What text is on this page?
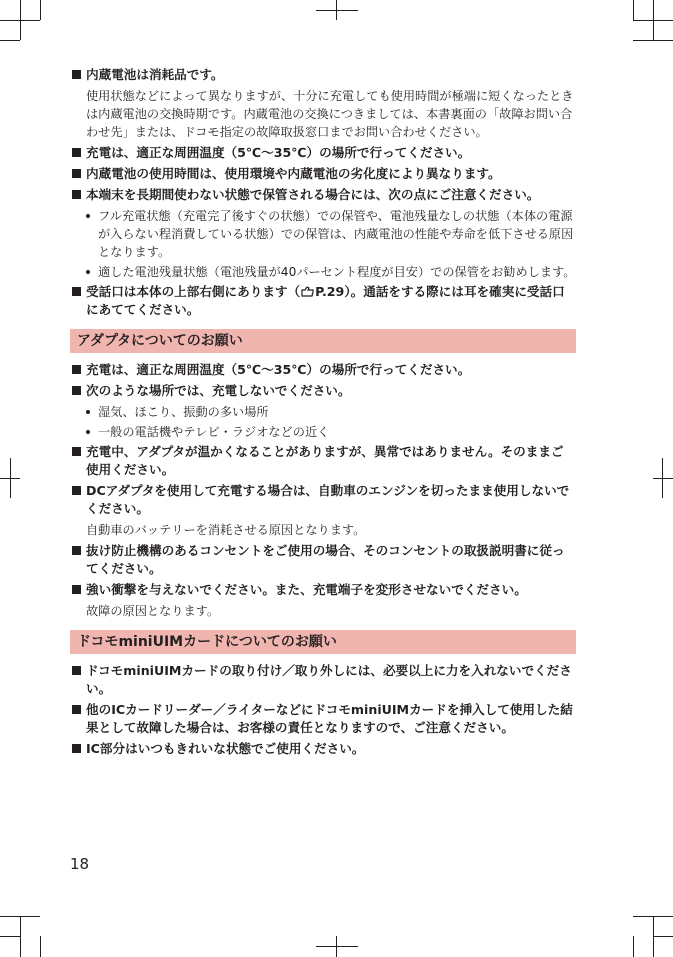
内蔵電池は消耗品です。
使用状態などによって異なりますが、十分に充電しても使用時間が極端に短くなったときは内蔵電池の交換時期です。内蔵電池の交換につきましては、本書裏面の「故障お問い合わせ先」または、ドコモ指定の故障取扱窓口までお問い合わせください。
充電は、適正な周囲温度（5℃～35℃）の場所で行ってください。
内蔵電池の使用時間は、使用環境や内蔵電池の劣化度により異なります。
本端末を長期間使わない状態で保管される場合には、次の点にご注意ください。
フル充電状態（充電完了後すぐの状態）での保管や、電池残量なしの状態（本体の電源が入らない程消費している状態）での保管は、内蔵電池の性能や寿命を低下させる原因となります。
適した電池残量状態（電池残量が40パーセント程度が目安）での保管をお勧めします。
受話口は本体の上部右側にあります（ P.29）。通話をする際には耳を確実に受話口にあててください。
アダプタについてのお願い
充電は、適正な周囲温度（5℃～35℃）の場所で行ってください。
次のような場所では、充電しないでください。
湿気、ほこり、振動の多い場所
一般の電話機やテレビ・ラジオなどの近く
充電中、アダプタが温かくなることがありますが、異常ではありません。そのままご使用ください。
DCアダプタを使用して充電する場合は、自動車のエンジンを切ったまま使用しないでください。
自動車のバッテリーを消耗させる原因となります。
抜け防止機構のあるコンセントをご使用の場合、そのコンセントの取扱説明書に従ってください。
強い衝撃を与えないでください。また、充電端子を変形させないでください。
故障の原因となります。
ドコモminiUIMカードについてのお願い
ドコモminiUIMカードの取り付け／取り外しには、必要以上に力を入れないでください。
他のICカードリーダー／ライターなどにドコモminiUIMカードを挿入して使用した結果として故障した場合は、お客様の責任となりますので、ご注意ください。
IC部分はいつもきれいな状態でご使用ください。
18
